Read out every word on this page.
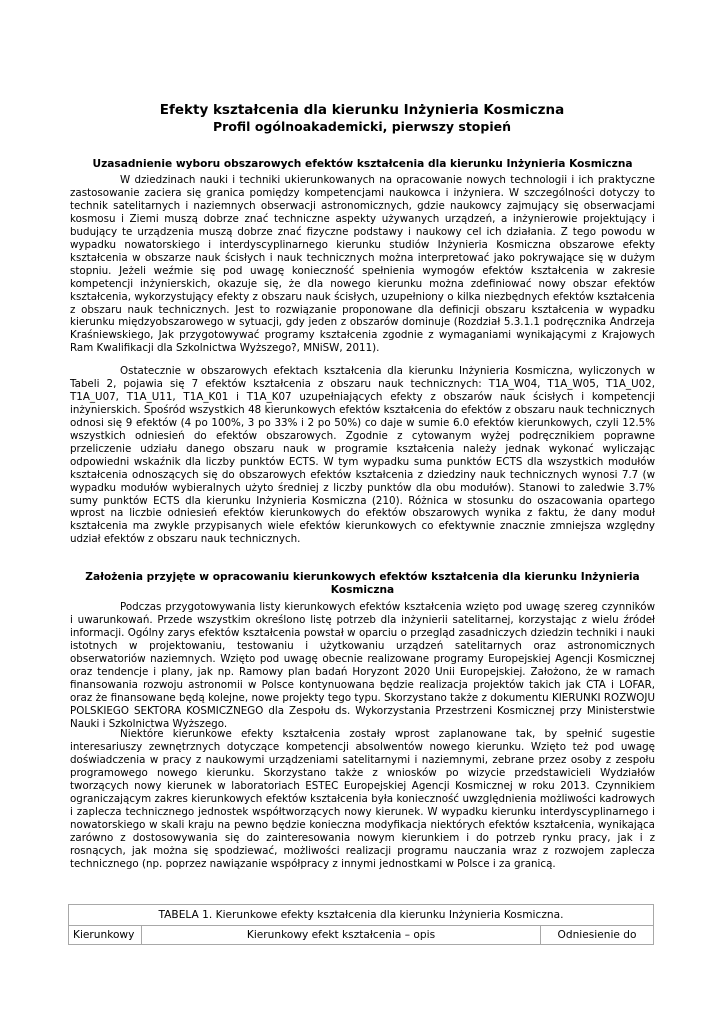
Efekty kształcenia dla kierunku Inżynieria Kosmiczna
Profil ogólnoakademicki, pierwszy stopień
Uzasadnienie wyboru obszarowych efektów kształcenia dla kierunku Inżynieria Kosmiczna

W dziedzinach nauki i techniki ukierunkowanych na opracowanie nowych technologii i ich praktyczne zastosowanie zaciera się granica pomiędzy kompetencjami naukowca i inżyniera. W szczególności dotyczy to technik satelitarnych i naziemnych obserwacji astronomicznych, gdzie naukowcy zajmujący się obserwacjami kosmosu i Ziemi muszą dobrze znać techniczne aspekty używanych urządzeń, a inżynierowie projektujący i budujący te urządzenia muszą dobrze znać fizyczne podstawy i naukowy cel ich działania. Z tego powodu w wypadku nowatorskiego i interdyscyplinarnego kierunku studiów Inżynieria Kosmiczna obszarowe efekty kształcenia w obszarze nauk ścisłych i nauk technicznych można interpretować jako pokrywające się w dużym stopniu. Jeżeli weźmie się pod uwagę konieczność spełnienia wymogów efektów kształcenia w zakresie kompetencji inżynierskich, okazuje się, że dla nowego kierunku można zdefiniować nowy obszar efektów kształcenia, wykorzystujący efekty z obszaru nauk ścisłych, uzupełniony o kilka niezbędnych efektów kształcenia z obszaru nauk technicznych. Jest to rozwiązanie proponowane dla definicji obszaru kształcenia w wypadku kierunku międzyobszarowego w sytuacji, gdy jeden z obszarów dominuje (Rozdział 5.3.1.1 podręcznika Andrzeja Kraśniewskiego, Jak przygotowywać programy kształcenia zgodnie z wymaganiami wynikającymi z Krajowych Ram Kwalifikacji dla Szkolnictwa Wyższego?, MNiSW, 2011).

Ostatecznie w obszarowych efektach kształcenia dla kierunku Inżynieria Kosmiczna, wyliczonych w Tabeli 2, pojawia się 7 efektów kształcenia z obszaru nauk technicznych: T1A_W04, T1A_W05, T1A_U02, T1A_U07, T1A_U11, T1A_K01 i T1A_K07 uzupełniających efekty z obszarów nauk ścisłych i kompetencji inżynierskich. Spośród wszystkich 48 kierunkowych efektów kształcenia do efektów z obszaru nauk technicznych odnosi się 9 efektów (4 po 100%, 3 po 33% i 2 po 50%) co daje w sumie 6.0 efektów kierunkowych, czyli 12.5% wszystkich odniesień do efektów obszarowych. Zgodnie z cytowanym wyżej podręcznikiem poprawne przeliczenie udziału danego obszaru nauk w programie kształcenia należy jednak wykonać wyliczając odpowiedni wskaźnik dla liczby punktów ECTS. W tym wypadku suma punktów ECTS dla wszystkich modułów kształcenia odnoszących się do obszarowych efektów kształcenia z dziedziny nauk technicznych wynosi 7.7 (w wypadku modułów wybieralnych użyto średniej z liczby punktów dla obu modułów). Stanowi to zaledwie 3.7% sumy punktów ECTS dla kierunku Inżynieria Kosmiczna (210). Różnica w stosunku do oszacowania opartego wprost na liczbie odniesień efektów kierunkowych do efektów obszarowych wynika z faktu, że dany moduł kształcenia ma zwykle przypisanych wiele efektów kierunkowych co efektywnie znacznie zmniejsza względny udział efektów z obszaru nauk technicznych.

Założenia przyjęte w opracowaniu kierunkowych efektów kształcenia dla kierunku Inżynieria Kosmiczna

Podczas przygotowywania listy kierunkowych efektów kształcenia wzięto pod uwagę szereg czynników i uwarunkowań. Przede wszystkim określono listę potrzeb dla inżynierii satelitarnej, korzystając z wielu źródeł informacji. Ogólny zarys efektów kształcenia powstał w oparciu o przegląd zasadniczych dziedzin techniki i nauki istotnych w projektowaniu, testowaniu i użytkowaniu urządzeń satelitarnych oraz astronomicznych obserwatoriów naziemnych. Wzięto pod uwagę obecnie realizowane programy Europejskiej Agencji Kosmicznej oraz tendencje i plany, jak np. Ramowy plan badań Horyzont 2020 Unii Europejskiej. Założono, że w ramach finansowania rozwoju astronomii w Polsce kontynuowana będzie realizacja projektów takich jak CTA i LOFAR, oraz że finansowane będą kolejne, nowe projekty tego typu. Skorzystano także z dokumentu KIERUNKI ROZWOJU POLSKIEGO SEKTORA KOSMICZNEGO dla Zespołu ds. Wykorzystania Przestrzeni Kosmicznej przy Ministerstwie Nauki i Szkolnictwa Wyższego.

Niektóre kierunkowe efekty kształcenia zostały wprost zaplanowane tak, by spełnić sugestie interesariuszy zewnętrznych dotyczące kompetencji absolwentów nowego kierunku. Wzięto też pod uwagę doświadczenia w pracy z naukowymi urządzeniami satelitarnymi i naziemnymi, zebrane przez osoby z zespołu programowego nowego kierunku. Skorzystano także z wniosków po wizycie przedstawicieli Wydziałów tworzących nowy kierunek w laboratoriach ESTEC Europejskiej Agencji Kosmicznej w roku 2013. Czynnikiem ograniczającym zakres kierunkowych efektów kształcenia była konieczność uwzględnienia możliwości kadrowych i zaplecza technicznego jednostek współtworzących nowy kierunek. W wypadku kierunku interdyscyplinarnego i nowatorskiego w skali kraju na pewno będzie konieczna modyfikacja niektórych efektów kształcenia, wynikająca zarówno z dostosowywania się do zainteresowania nowym kierunkiem i do potrzeb rynku pracy, jak i z rosnących, jak można się spodziewać, możliwości realizacji programu nauczania wraz z rozwojem zaplecza technicznego (np. poprzez nawiązanie współpracy z innymi jednostkami w Polsce i za granicą.

TABELA 1. Kierunkowe efekty kształcenia dla kierunku Inżynieria Kosmiczna.
Kierunkowy	Kierunkowy efekt kształcenia – opis	Odniesienie do
